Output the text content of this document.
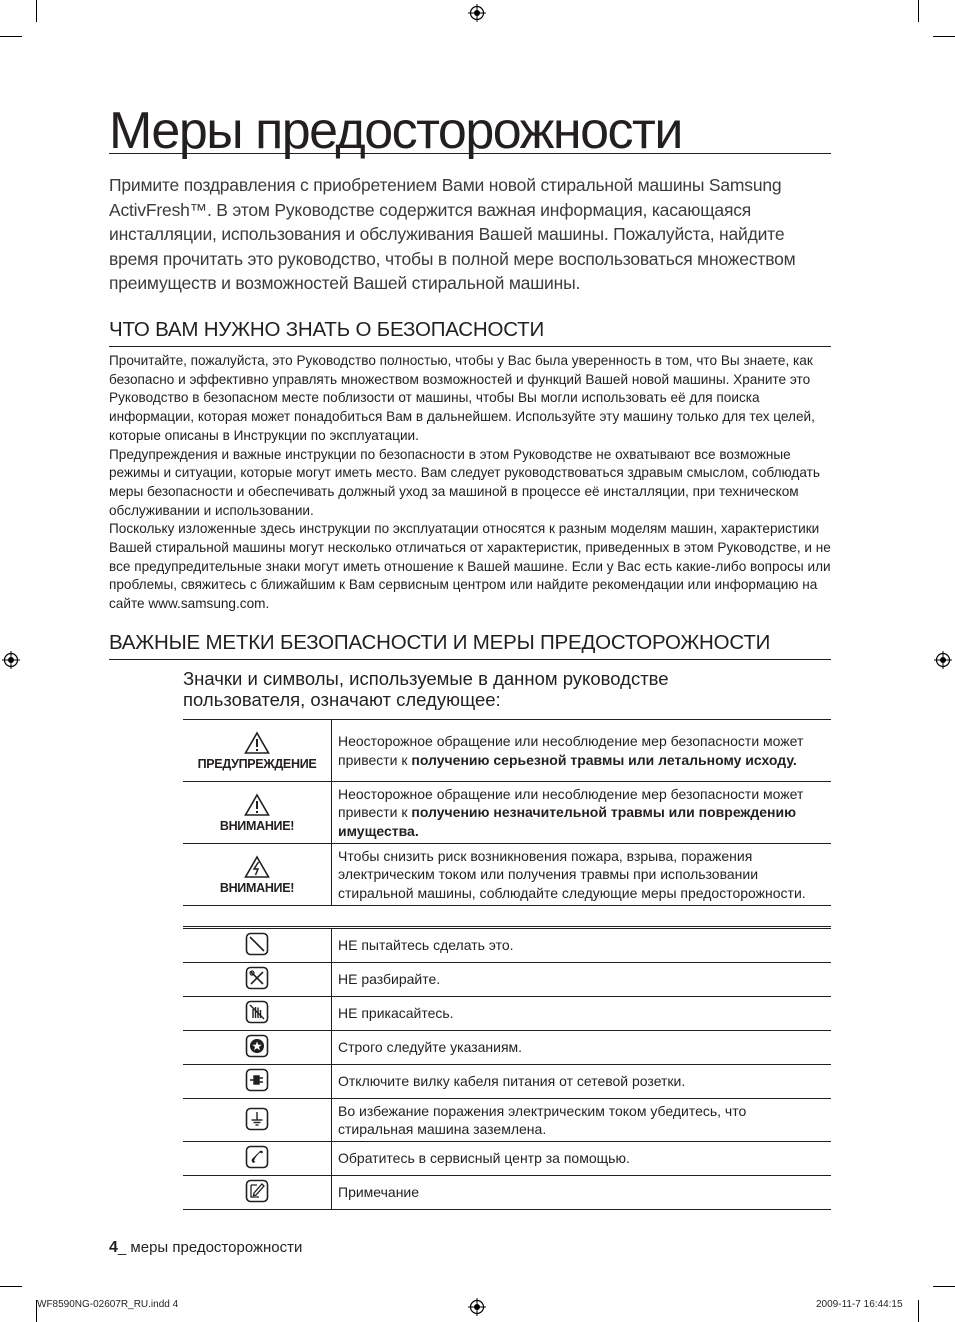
Меры предосторожности
Примите поздравления с приобретением Вами новой стиральной машины Samsung ActivFresh™. В этом Руководстве содержится важная информация, касающаяся инсталляции, использования и обслуживания Вашей машины. Пожалуйста, найдите время прочитать это руководство, чтобы в полной мере воспользоваться множеством преимуществ и возможностей Вашей стиральной машины.
ЧТО ВАМ НУЖНО ЗНАТЬ О БЕЗОПАСНОСТИ

Прочитайте, пожалуйста, это Руководство полностью, чтобы у Вас была уверенность в том, что Вы знаете, как безопасно и эффективно управлять множеством возможностей и функций Вашей новой машины. Храните это Руководство в безопасном месте поблизости от машины, чтобы Вы могли использовать её для поиска информации, которая может понадобиться Вам в дальнейшем. Используйте эту машину только для тех целей, которые описаны в Инструкции по эксплуатации.

Предупреждения и важные инструкции по безопасности в этом Руководстве не охватывают все возможные режимы и ситуации, которые могут иметь место. Вам следует руководствоваться здравым смыслом, соблюдать меры безопасности и обеспечивать должный уход за машиной в процессе её инсталляции, при техническом обслуживании и использовании.

Поскольку изложенные здесь инструкции по эксплуатации относятся к разным моделям машин, характеристики Вашей стиральной машины могут несколько отличаться от характеристик, приведенных в этом Руководстве, и не все предупредительные знаки могут иметь отношение к Вашей машине. Если у Вас есть какие-либо вопросы или проблемы, свяжитесь с ближайшим к Вам сервисным центром или найдите рекомендации или информацию на сайте www.samsung.com.

ВАЖНЫЕ МЕТКИ БЕЗОПАСНОСТИ И МЕРЫ ПРЕДОСТОРОЖНОСТИ
Значки и символы, используемые в данном руководстве
пользователя, означают следующее:
ПРЕДУПРЕЖДЕНИЕ	Неосторожное обращение или несоблюдение мер безопасности может привести к получению серьезной травмы или летальному исходу.

ВНИМАНИЕ!	Неосторожное обращение или несоблюдение мер безопасности может привести к получению незначительной травмы или повреждению имущества.

ВНИМАНИЕ!	Чтобы снизить риск возникновения пожара, взрыва, поражения электрическим током или получения травмы при использовании стиральной машины, соблюдайте следующие меры предосторожности.

	НЕ пытайтесь сделать это.

	НЕ разбирайте.

	НЕ прикасайтесь.

	Строго следуйте указаниям.

	Отключите вилку кабеля питания от сетевой розетки.

	Во избежание поражения электрическим током убедитесь, что стиральная машина заземлена.

	Обратитесь в сервисный центр за помощью.

	Примечание
4_ меры предосторожности
WF8590NG-02607R_RU.indd 4	2009-11-7 16:44:15
